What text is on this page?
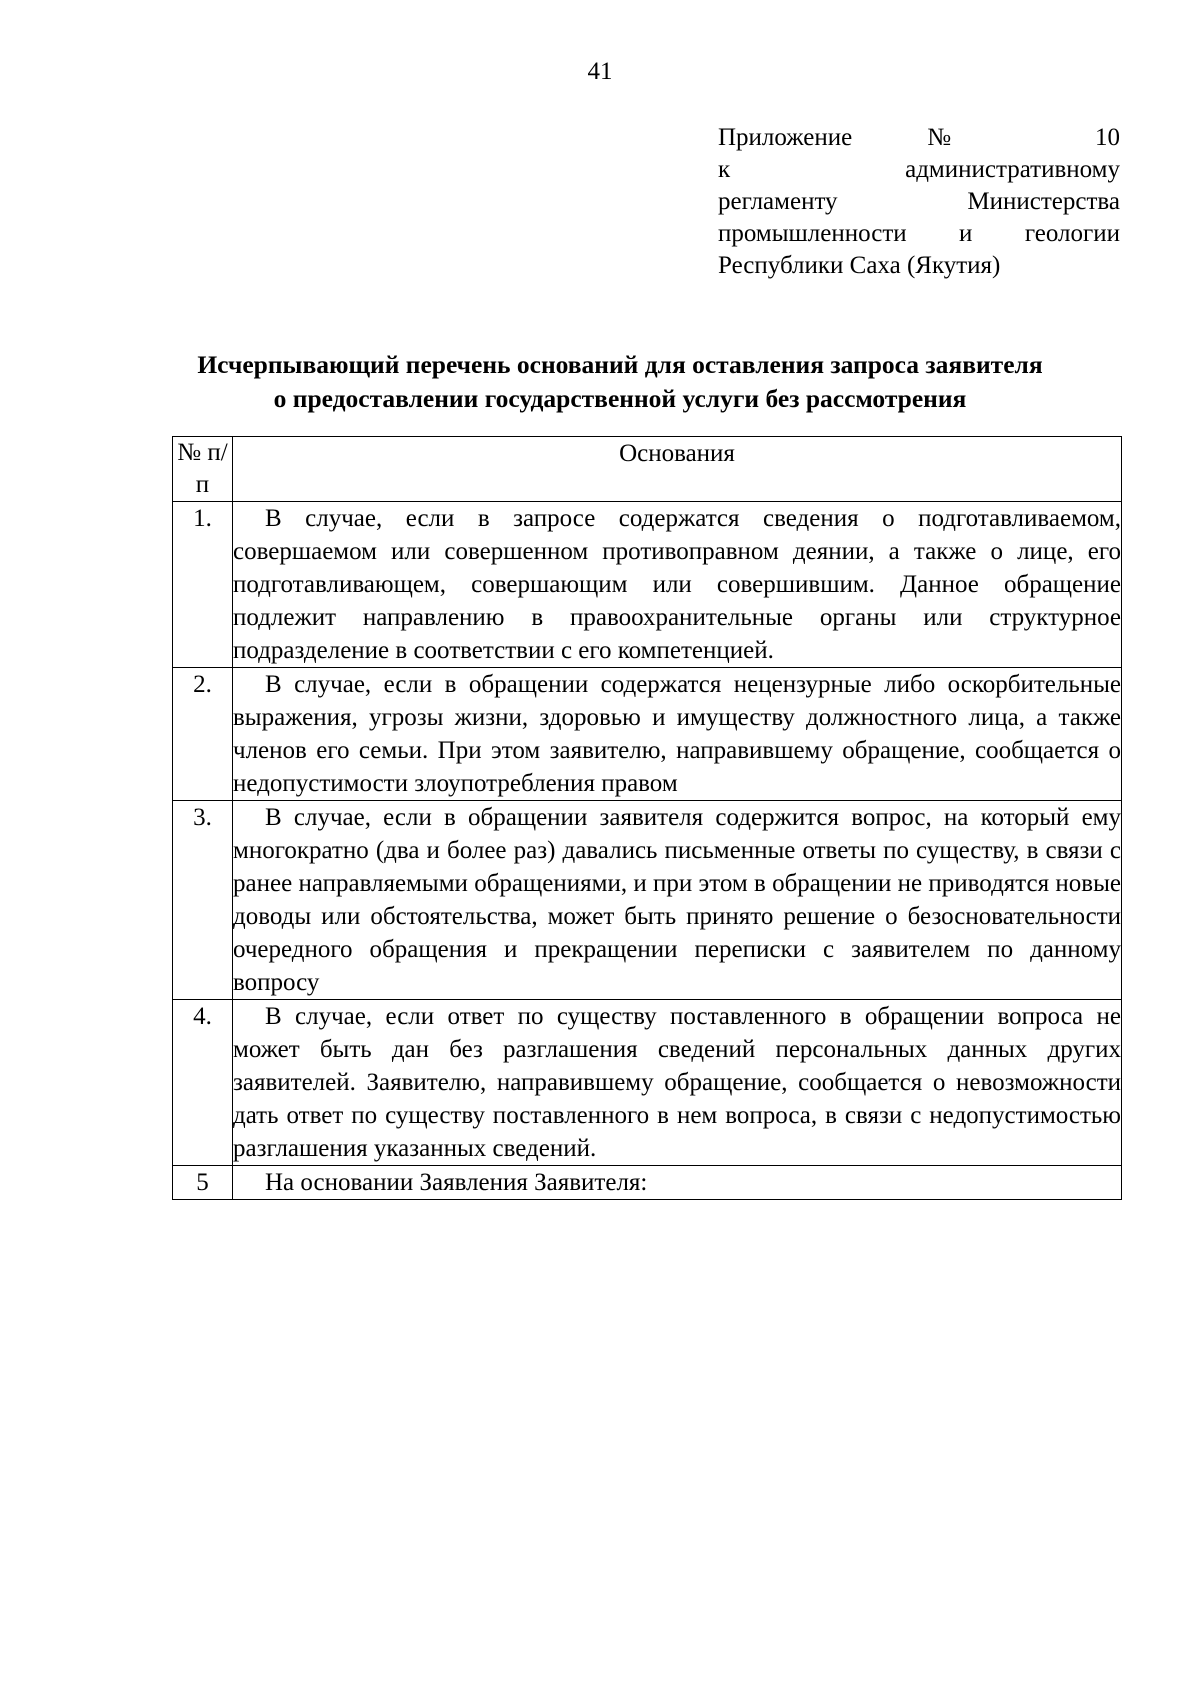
41
Приложение № 10
к административному
регламенту Министерства
промышленности и геологии
Республики Саха (Якутия)
Исчерпывающий перечень оснований для оставления запроса заявителя
о предоставлении государственной услуги без рассмотрения
№ п/п	Основания
1.	В случае, если в запросе содержатся сведения о подготавливаемом, совершаемом или совершенном противоправном деянии, а также о лице, его подготавливающем, совершающим или совершившим. Данное обращение подлежит направлению в правоохранительные органы или структурное подразделение в соответствии с его компетенцией.
2.	В случае, если в обращении содержатся нецензурные либо оскорбительные выражения, угрозы жизни, здоровью и имуществу должностного лица, а также членов его семьи. При этом заявителю, направившему обращение, сообщается о недопустимости злоупотребления правом
3.	В случае, если в обращении заявителя содержится вопрос, на который ему многократно (два и более раз) давались письменные ответы по существу, в связи с ранее направляемыми обращениями, и при этом в обращении не приводятся новые доводы или обстоятельства, может быть принято решение о безосновательности очередного обращения и прекращении переписки с заявителем по данному вопросу
4.	В случае, если ответ по существу поставленного в обращении вопроса не может быть дан без разглашения сведений персональных данных других заявителей. Заявителю, направившему обращение, сообщается о невозможности дать ответ по существу поставленного в нем вопроса, в связи с недопустимостью разглашения указанных сведений.
5	На основании Заявления Заявителя:
